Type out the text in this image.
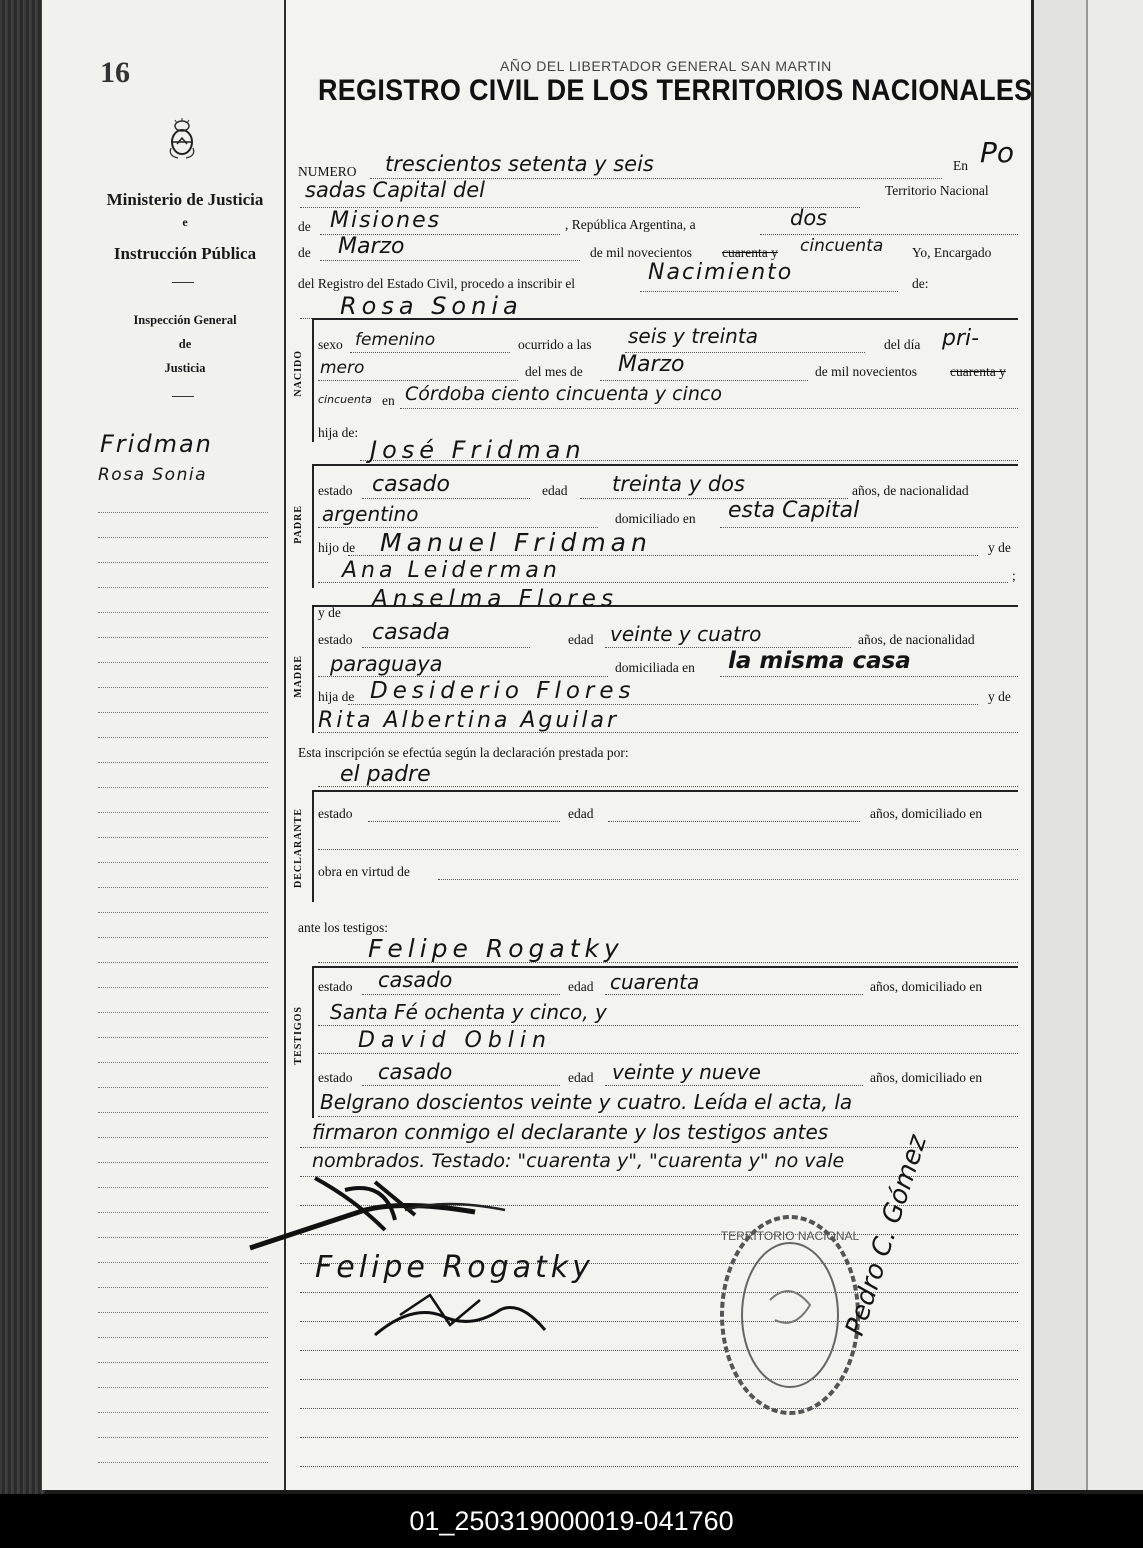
16
Ministerio de Justicia
e
Instrucción Pública
Inspección General
de
Justicia
Fridman
Rosa Sonia
AÑO DEL LIBERTADOR GENERAL SAN MARTIN
REGISTRO CIVIL DE LOS TERRITORIOS NACIONALES
NUMERO trescientos setenta y seis	En Po
sadas Capital del	Territorio Nacional
de Misiones	, República Argentina, a	dos
de Marzo	de mil novecientos cuarenta y cincuenta Yo, Encargado
del Registro del Estado Civil, procedo a inscribir el	Nacimiento	de:
Rosa Sonia
NACIDO
sexo femenino	ocurrido a las seis y treinta	del día pri-
mero	del mes de Marzo	de mil novecientos cuarenta y
cincuenta en Córdoba ciento cincuenta y cinco
hija de:
José Fridman
PADRE
estado casado	edad treinta y dos	años, de nacionalidad
argentino	domiciliado en esta Capital
hijo de Manuel Fridman	y de
Ana Leiderman	;
y de
Anselma Flores
MADRE
estado casada	edad veinte y cuatro	años, de nacionalidad
paraguaya	domiciliada en la misma casa
hija de Desiderio Flores	y de
Rita Albertina Aguilar
Esta inscripción se efectúa según la declaración prestada por:
el padre
DECLARANTE estado	edad	años, domiciliado en
obra en virtud de
ante los testigos:
Felipe Rogatky
TESTIGOS
estado casado	edad cuarenta	años, domiciliado en
Santa Fé ochenta y cinco, y
David Oblin
estado casado	edad veinte y nueve	años, domiciliado en
Belgrano doscientos veinte y cuatro. Leída el acta, la
firmaron conmigo el declarante y los testigos antes
nombrados. Testado: "cuarenta y", "cuarenta y" no vale
Felipe Rogatky
TERRITORIO NACIONAL
Pedro C. Gómez
01_250319000019-041760
